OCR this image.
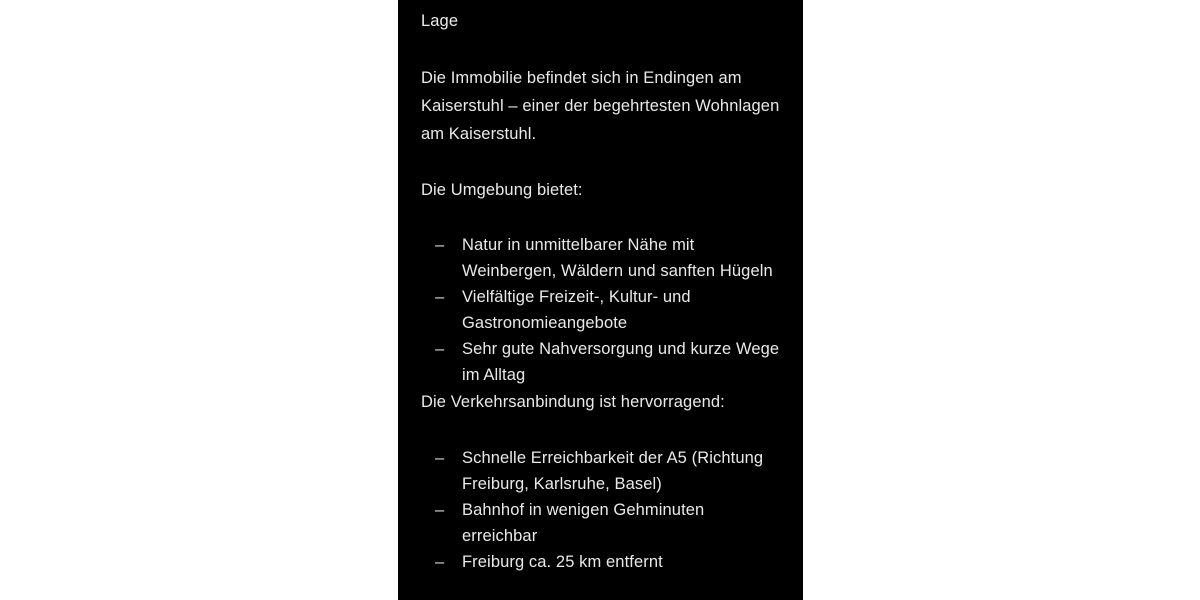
Lage

Die Immobilie befindet sich in Endingen am Kaiserstuhl – einer der begehrtesten Wohnlagen am Kaiserstuhl.

Die Umgebung bietet:

– Natur in unmittelbarer Nähe mit Weinbergen, Wäldern und sanften Hügeln
– Vielfältige Freizeit-, Kultur- und Gastronomieangebote
– Sehr gute Nahversorgung und kurze Wege im Alltag

Die Verkehrsanbindung ist hervorragend:

– Schnelle Erreichbarkeit der A5 (Richtung Freiburg, Karlsruhe, Basel)
– Bahnhof in wenigen Gehminuten erreichbar
– Freiburg ca. 25 km entfernt
